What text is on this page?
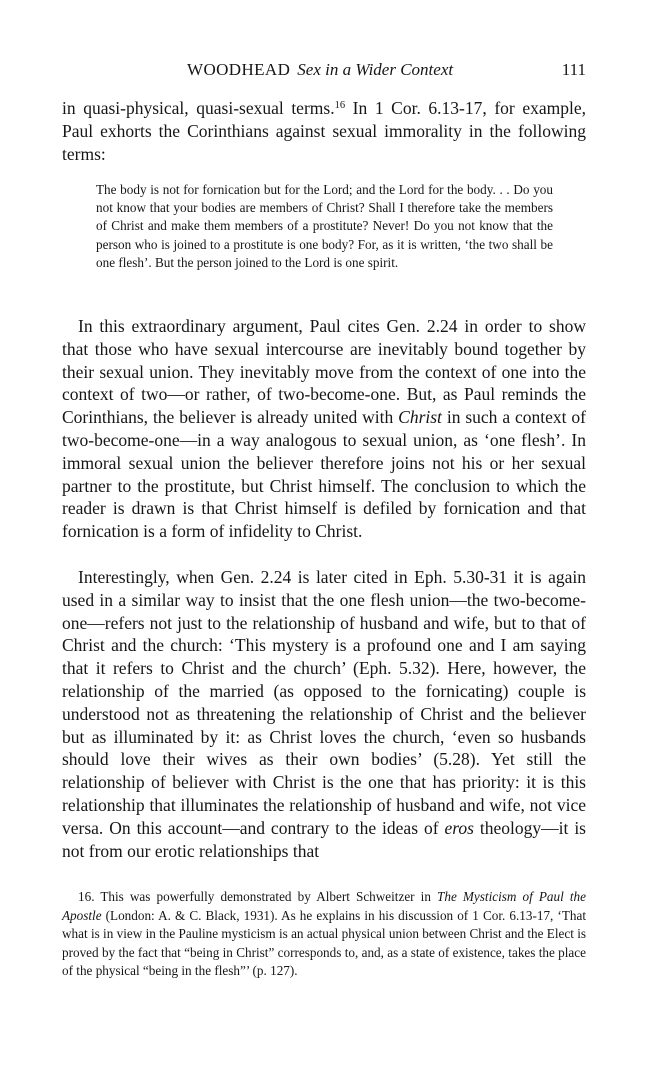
WOODHEAD Sex in a Wider Context	111

in quasi-physical, quasi-sexual terms.$^{16}$ In 1 Cor. 6.13-17, for example, Paul exhorts the Corinthians against sexual immorality in the following terms:

The body is not for fornication but for the Lord; and the Lord for the body. . . Do you not know that your bodies are members of Christ? Shall I therefore take the members of Christ and make them members of a prostitute? Never! Do you not know that the person who is joined to a prostitute is one body? For, as it is written, ‘the two shall be one flesh’. But the person joined to the Lord is one spirit.

In this extraordinary argument, Paul cites Gen. 2.24 in order to show that those who have sexual intercourse are inevitably bound together by their sexual union. They inevitably move from the context of one into the context of two—or rather, of two-become-one. But, as Paul reminds the Corinthians, the believer is already united with Christ in such a context of two-become-one—in a way analogous to sexual union, as ‘one flesh’. In immoral sexual union the believer therefore joins not his or her sexual partner to the prostitute, but Christ himself. The conclusion to which the reader is drawn is that Christ himself is defiled by fornication and that fornication is a form of infidelity to Christ.

Interestingly, when Gen. 2.24 is later cited in Eph. 5.30-31 it is again used in a similar way to insist that the one flesh union—the two-become-one—refers not just to the relationship of husband and wife, but to that of Christ and the church: ‘This mystery is a profound one and I am saying that it refers to Christ and the church’ (Eph. 5.32). Here, however, the relationship of the married (as opposed to the fornicating) couple is understood not as threatening the relationship of Christ and the believer but as illuminated by it: as Christ loves the church, ‘even so husbands should love their wives as their own bodies’ (5.28). Yet still the relationship of believer with Christ is the one that has priority: it is this relationship that illuminates the relationship of husband and wife, not vice versa. On this account—and contrary to the ideas of eros theology—it is not from our erotic relationships that

16. This was powerfully demonstrated by Albert Schweitzer in The Mysticism of Paul the Apostle (London: A. & C. Black, 1931). As he explains in his discussion of 1 Cor. 6.13-17, ‘That what is in view in the Pauline mysticism is an actual physical union between Christ and the Elect is proved by the fact that “being in Christ” corresponds to, and, as a state of existence, takes the place of the physical “being in the flesh”’ (p. 127).
